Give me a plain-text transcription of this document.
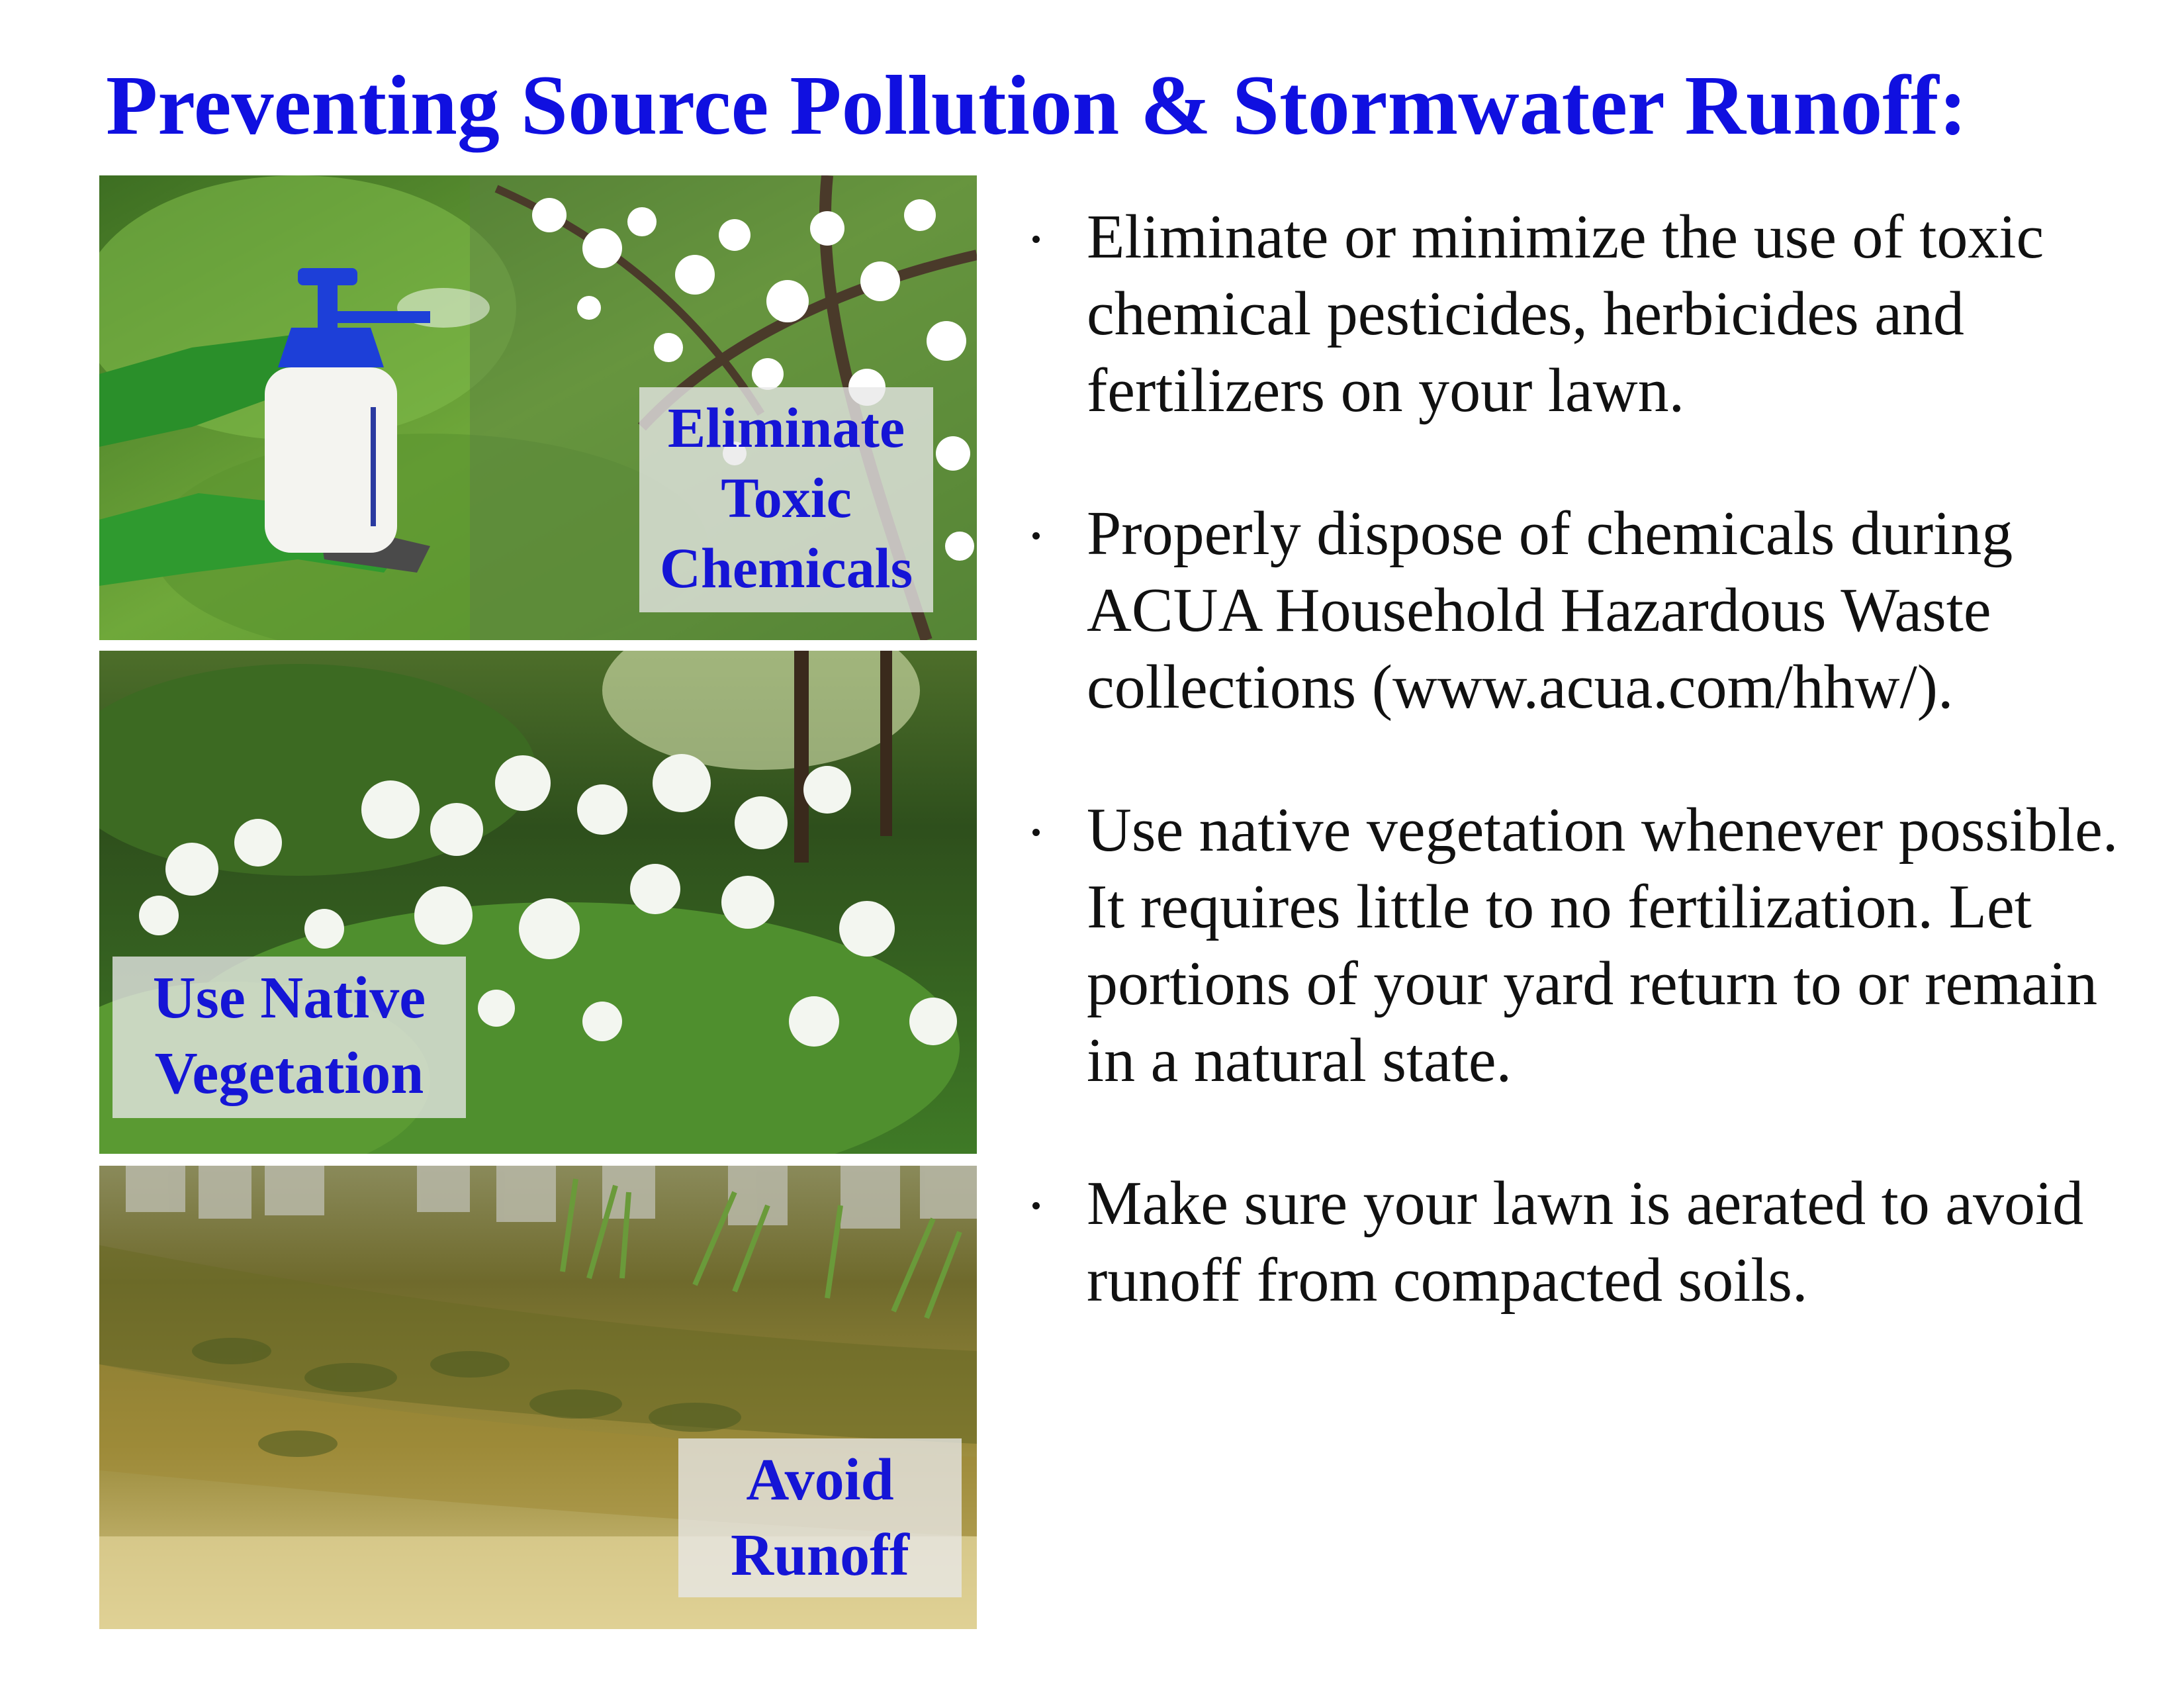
Preventing Source Pollution & Stormwater Runoff:
Eliminate
Toxic
Chemicals
Use Native
Vegetation
Avoid
Runoff
Eliminate or minimize the use of toxic chemical pesticides, herbicides and fertilizers on your lawn.
Properly dispose of chemicals during ACUA Household Hazardous Waste collections (www.acua.com/hhw/).
Use native vegetation whenever possible. It requires little to no fertilization. Let portions of your yard return to or remain in a natural state.
Make sure your lawn is aerated to avoid runoff from compacted soils.
